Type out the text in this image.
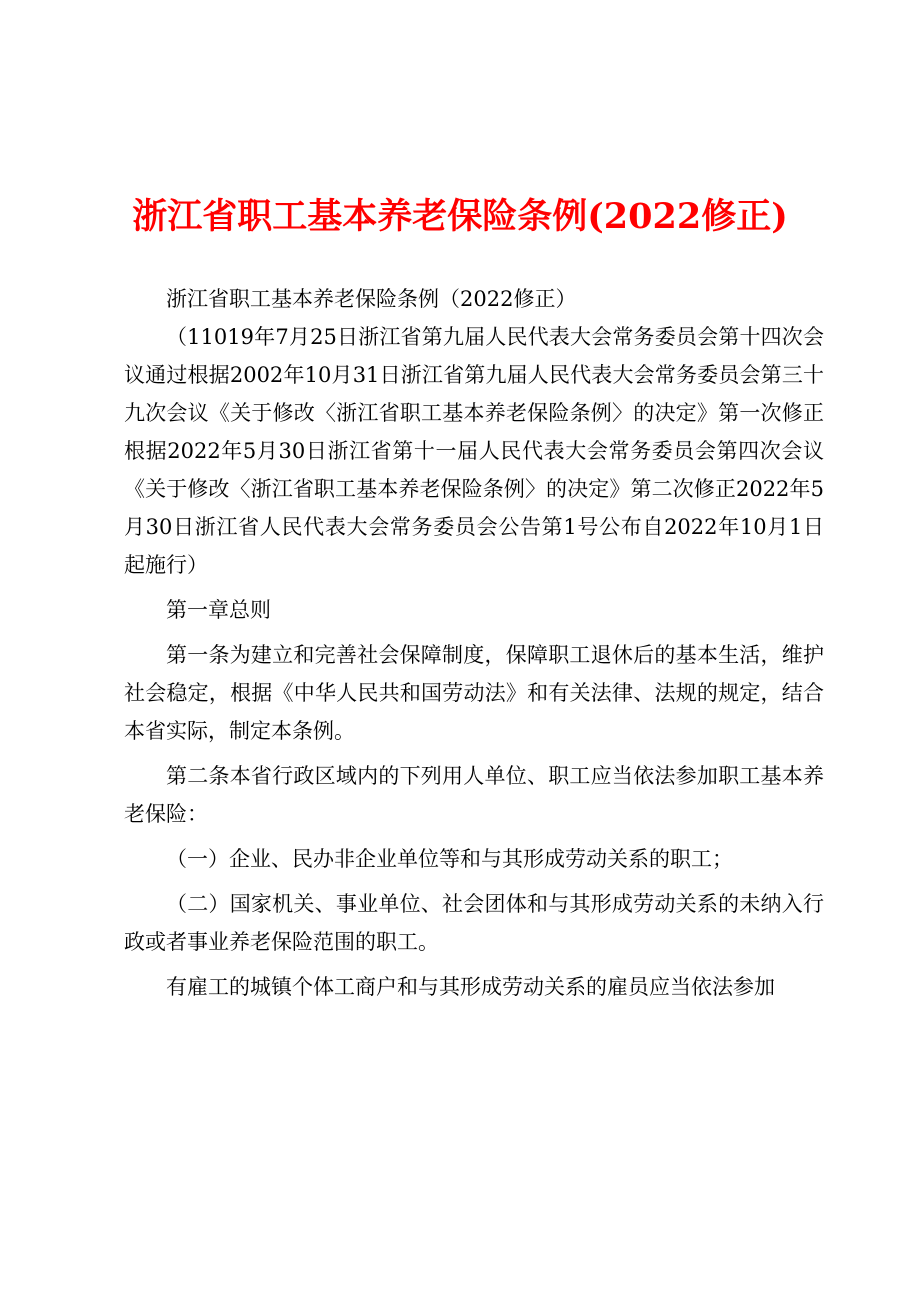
浙江省职工基本养老保险条例(2022修正)

浙江省职工基本养老保险条例（2022修正）

（11019年7月25日浙江省第九届人民代表大会常务委员会第十四次会议通过根据2002年10月31日浙江省第九届人民代表大会常务委员会第三十九次会议《关于修改〈浙江省职工基本养老保险条例〉的决定》第一次修正根据2022年5月30日浙江省第十一届人民代表大会常务委员会第四次会议《关于修改〈浙江省职工基本养老保险条例〉的决定》第二次修正2022年5月30日浙江省人民代表大会常务委员会公告第1号公布自2022年10月1日起施行）

第一章总则

第一条为建立和完善社会保障制度，保障职工退休后的基本生活，维护社会稳定，根据《中华人民共和国劳动法》和有关法律、法规的规定，结合本省实际，制定本条例。

第二条本省行政区域内的下列用人单位、职工应当依法参加职工基本养老保险：

（一）企业、民办非企业单位等和与其形成劳动关系的职工；

（二）国家机关、事业单位、社会团体和与其形成劳动关系的未纳入行政或者事业养老保险范围的职工。

有雇工的城镇个体工商户和与其形成劳动关系的雇员应当依法参加
